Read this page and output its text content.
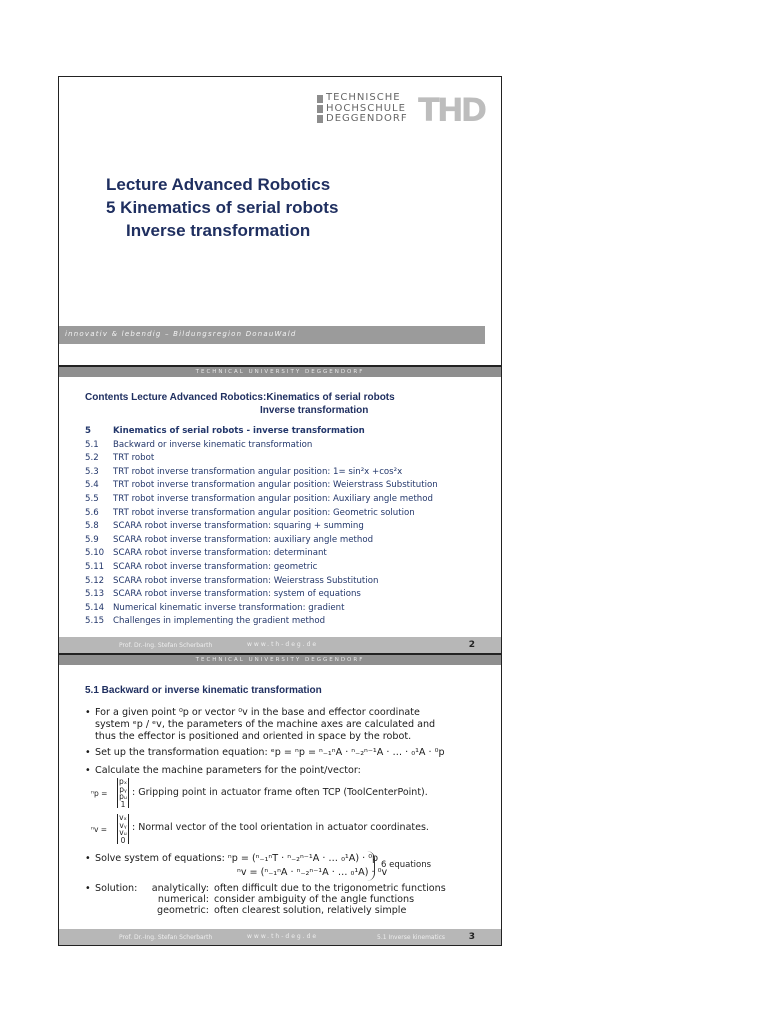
TECHNISCHE
HOCHSCHULE
DEGGENDORF THD
Lecture Advanced Robotics
5 Kinematics of serial robots
Inverse transformation
innovativ & lebendig – Bildungsregion DonauWald
TECHNICAL UNIVERSITY DEGGENDORF
Contents Lecture Advanced Robotics:Kinematics of serial robots
Inverse transformation
5	Kinematics of serial robots - inverse transformation
5.1 Backward or inverse kinematic transformation
5.2 TRT robot
5.3 TRT robot inverse transformation angular position: 1= sin²x +cos²x
5.4 TRT robot inverse transformation angular position: Weierstrass Substitution
5.5 TRT robot inverse transformation angular position: Auxiliary angle method
5.6 TRT robot inverse transformation angular position: Geometric solution
5.8 SCARA robot inverse transformation: squaring + summing
5.9 SCARA robot inverse transformation: auxiliary angle method
5.10 SCARA robot inverse transformation: determinant
5.11 SCARA robot inverse transformation: geometric
5.12 SCARA robot inverse transformation: Weierstrass Substitution
5.13 SCARA robot inverse transformation: system of equations
5.14 Numerical kinematic inverse transformation: gradient
5.15 Challenges in implementing the gradient method
Prof. Dr.-Ing. Stefan Scherbarth	www.th-deg.de	2
TECHNICAL UNIVERSITY DEGGENDORF
5.1 Backward or inverse kinematic transformation
• For a given point ⁰p or vector ⁰v in the base and effector coordinate
system ᵉp / ᵉv, the parameters of the machine axes are calculated and
thus the effector is positioned and oriented in space by the robot.
• Set up the transformation equation: ᵉp = ⁿp = ⁿ₋₁ⁿA · ⁿ₋₂ⁿ⁻¹A · … · ₀¹A · ⁰p
• Calculate the machine parameters for the point/vector:
ⁿp =
pₓ
pᵧ
pᵤ
1
: Gripping point in actuator frame often TCP (ToolCenterPoint).
ⁿv =
vₓ
vᵧ
vᵤ
0
: Normal vector of the tool orientation in actuator coordinates.
• Solve system of equations: ⁿp = (ⁿ₋₁ⁿT · ⁿ₋₂ⁿ⁻¹A · … ₀¹A) · ⁰p
ⁿv = (ⁿ₋₁ⁿA · ⁿ₋₂ⁿ⁻¹A · … ₀¹A) · ⁰v
6 equations
• Solution:	analytically: often difficult due to the trigonometric functions
numerical: consider ambiguity of the angle functions
geometric: often clearest solution, relatively simple
Prof. Dr.-Ing. Stefan Scherbarth	www.th-deg.de	5.1 Inverse kinematics	3
